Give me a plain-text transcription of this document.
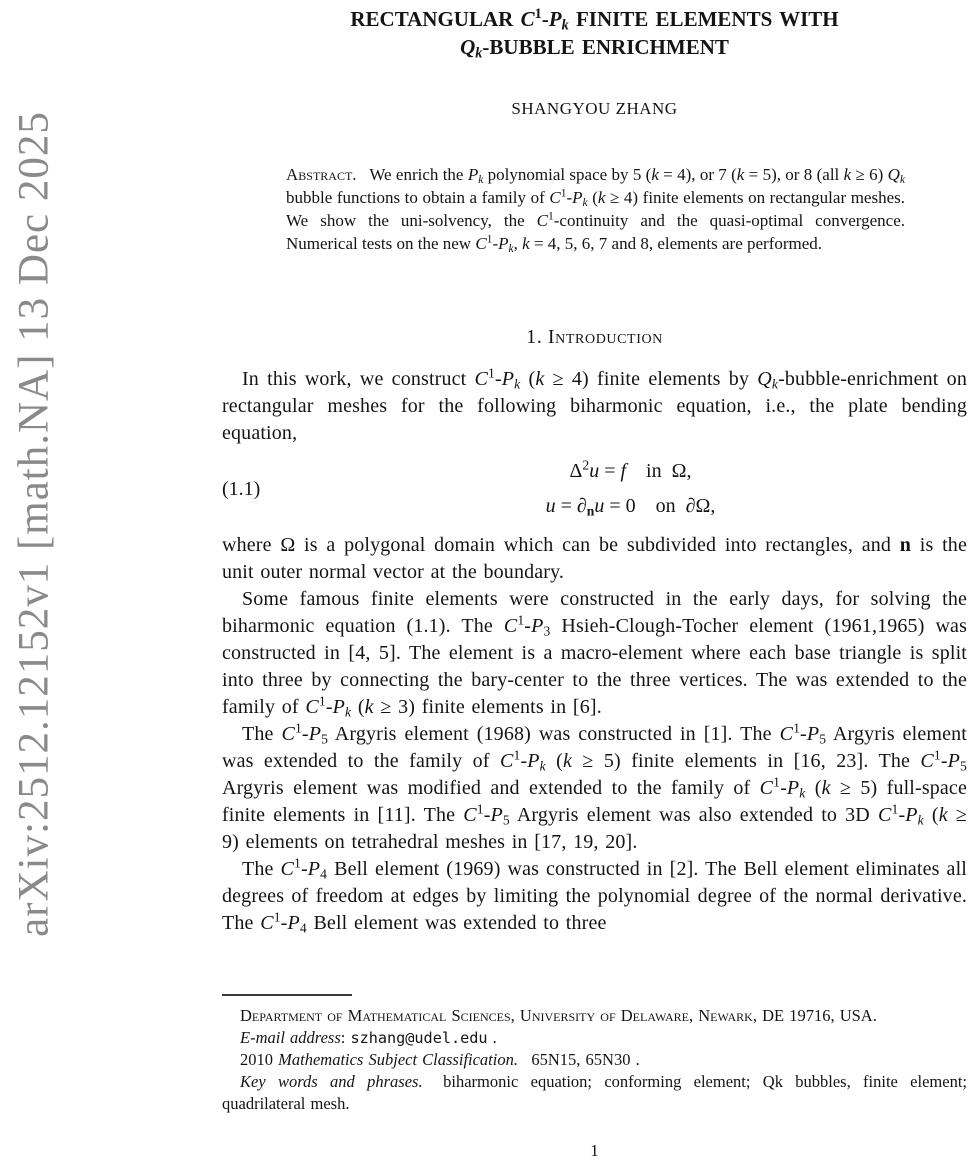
arXiv:2512.12152v1 [math.NA] 13 Dec 2025
RECTANGULAR $C^1-Pk$ FINITE ELEMENTS WITH
Qk-BUBBLE ENRICHMENT
SHANGYOU ZHANG

Abstract.  We enrich the Pk polynomial space by 5 (k = 4), or 7 (k = 5), or 8 (all k ≥ 6) Qk bubble functions to obtain a family of $C^1-Pk$ (k ≥ 4) finite elements on rectangular meshes. We show the uni-solvency, the $C^1$-continuity and the quasi-optimal convergence. Numerical tests on the new $C^1-Pk$, k = 4, 5, 6, 7 and 8, elements are performed.

1. Introduction

In this work, we construct $C^1-Pk$ (k ≥ 4) finite elements by Qk-bubble-enrichment on rectangular meshes for the following biharmonic equation, i.e., the plate bending equation,

(1.1)
$\Delta^2u = f$ in Ω,
u = ∂nu = 0 on ∂Ω,

where Ω is a polygonal domain which can be subdivided into rectangles, and n is the unit outer normal vector at the boundary.

Some famous finite elements were constructed in the early days, for solving the biharmonic equation (1.1). The $C^1-P_3$ Hsieh-Clough-Tocher element (1961,1965) was constructed in [4, 5]. The element is a macro-element where each base triangle is split into three by connecting the bary-center to the three vertices. The was extended to the family of $C^1-Pk$ (k ≥ 3) finite elements in [6].

The $C^1-P_5$ Argyris element (1968) was constructed in [1]. The $C^1-P_5$ Argyris element was extended to the family of $C^1-Pk$ (k ≥ 5) finite elements in [16, 23]. The $C^1-P_5$ Argyris element was modified and extended to the family of $C^1-Pk$ (k ≥ 5) full-space finite elements in [11]. The $C^1-P_5$ Argyris element was also extended to 3D $C^1-Pk$ (k ≥ 9) elements on tetrahedral meshes in [17, 19, 20].

The $C^1-P_4$ Bell element (1969) was constructed in [2]. The Bell element eliminates all degrees of freedom at edges by limiting the polynomial degree of the normal derivative. The $C^1-P_4$ Bell element was extended to three

Department of Mathematical Sciences, University of Delaware, Newark, DE 19716, USA.

E-mail address: szhang@udel.edu .

2010 Mathematics Subject Classification.  65N15, 65N30 .

Key words and phrases.  biharmonic equation; conforming element; Qk bubbles, finite element; quadrilateral mesh.

1
